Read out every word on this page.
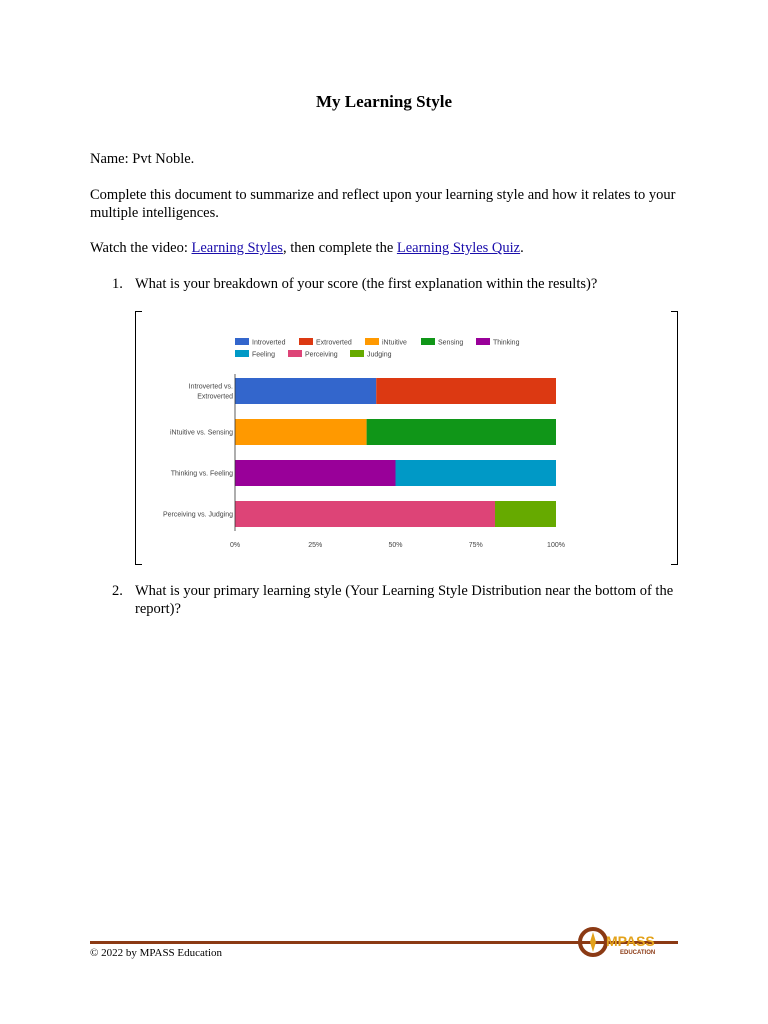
My Learning Style

Name: Pvt Noble.

Complete this document to summarize and reflect upon your learning style and how it relates to your multiple intelligences.

Watch the video: Learning Styles, then complete the Learning Styles Quiz.

1. What is your breakdown of your score (the first explanation within the results)?
Introverted	Extroverted	iNtuitive	Sensing	Thinking
Feeling	Perceiving	Judging
Introverted vs.
Extroverted
iNtuitive vs. Sensing
Thinking vs. Feeling
Perceiving vs. Judging
0%	25%	50%	75%	100%
2. What is your primary learning style (Your Learning Style Distribution near the bottom of the report)?
© 2022 by MPASS Education
MPASS
EDUCATION
